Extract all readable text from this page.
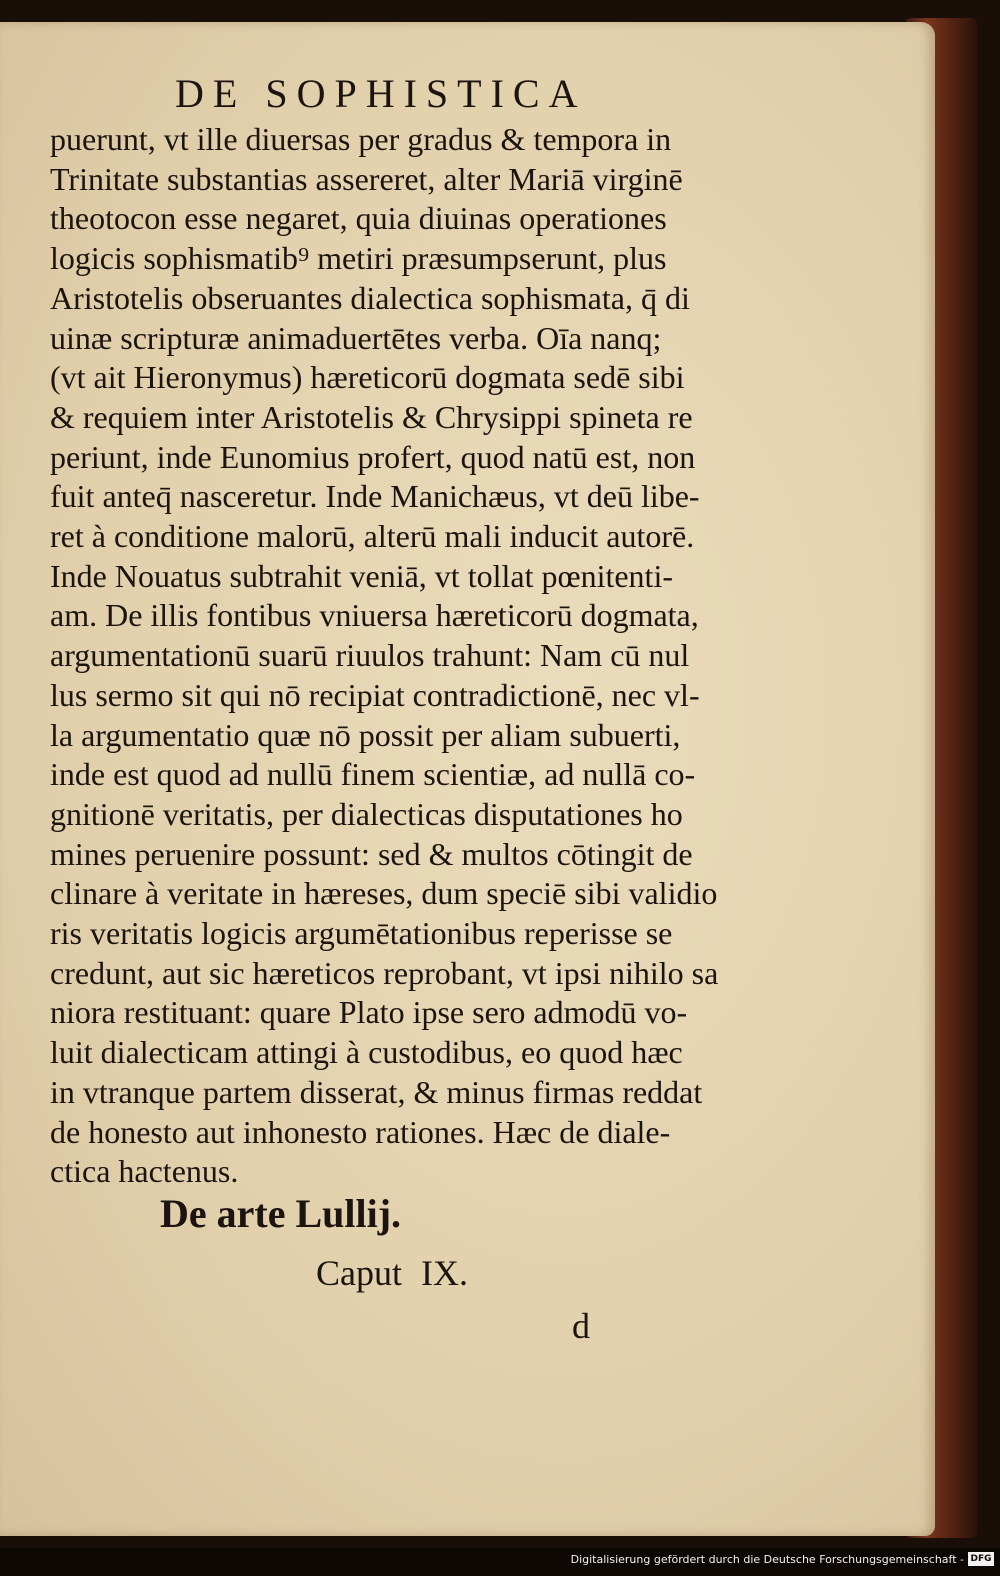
DE SOPHISTICA
puerunt, vt ille diuersas per gradus & tempora in
Trinitate substantias assereret, alter Mariā virginē
theotocon esse negaret, quia diuinas operationes
logicis sophismatib⁹ metiri præsumpserunt, plus
Aristotelis obseruantes dialectica sophismata, q̄ di
uinæ scripturæ animaduertētes verba. Oīa nanq;
(vt ait Hieronymus) hæreticorū dogmata sedē sibi
& requiem inter Aristotelis & Chrysippi spineta re
periunt, inde Eunomius profert, quod natū est, non
fuit anteq̄ nasceretur. Inde Manichæus, vt deū libe-
ret à conditione malorū, alterū mali inducit autorē.
Inde Nouatus subtrahit veniā, vt tollat pœnitenti-
am. De illis fontibus vniuersa hæreticorū dogmata,
argumentationū suarū riuulos trahunt: Nam cū nul
lus sermo sit qui nō recipiat contradictionē, nec vl-
la argumentatio quæ nō possit per aliam subuerti,
inde est quod ad nullū finem scientiæ, ad nullā co-
gnitionē veritatis, per dialecticas disputationes ho
mines peruenire possunt: sed & multos cōtingit de
clinare à veritate in hæreses, dum speciē sibi validio
ris veritatis logicis argumētationibus reperisse se
credunt, aut sic hæreticos reprobant, vt ipsi nihilo sa
niora restituant: quare Plato ipse sero admodū vo-
luit dialecticam attingi à custodibus, eo quod hæc
in vtranque partem disserat, & minus firmas reddat
de honesto aut inhonesto rationes. Hæc de diale-
ctica hactenus.
De arte Lullij.
Caput IX.
d
Digitalisierung gefördert durch die Deutsche Forschungsgemeinschaft - DFG
